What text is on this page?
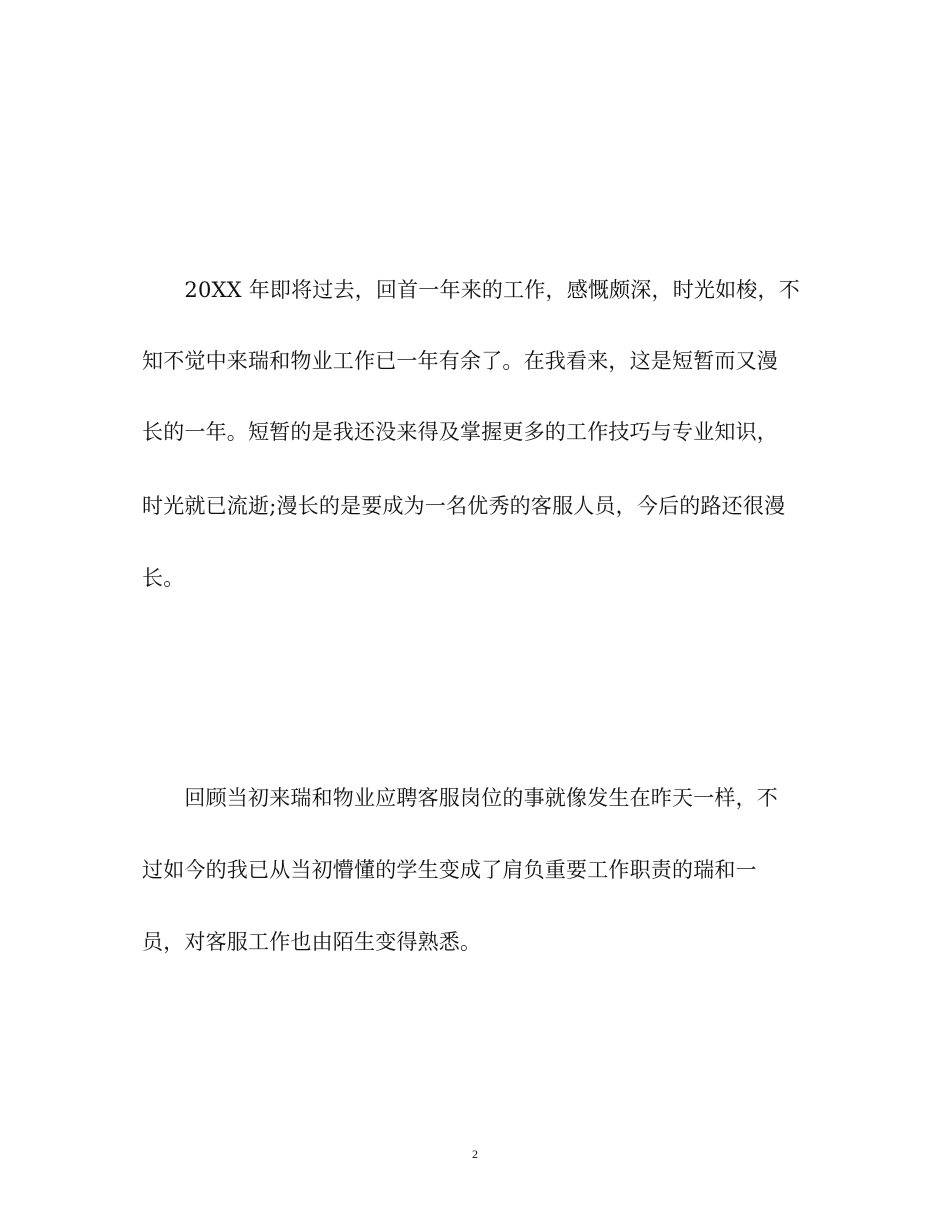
　　20XX 年即将过去，回首一年来的工作，感慨颇深，时光如梭，不
知不觉中来瑞和物业工作已一年有余了。在我看来，这是短暂而又漫
长的一年。短暂的是我还没来得及掌握更多的工作技巧与专业知识，
时光就已流逝;漫长的是要成为一名优秀的客服人员，今后的路还很漫
长。
　　回顾当初来瑞和物业应聘客服岗位的事就像发生在昨天一样，不
过如今的我已从当初懵懂的学生变成了肩负重要工作职责的瑞和一
员，对客服工作也由陌生变得熟悉。
2
